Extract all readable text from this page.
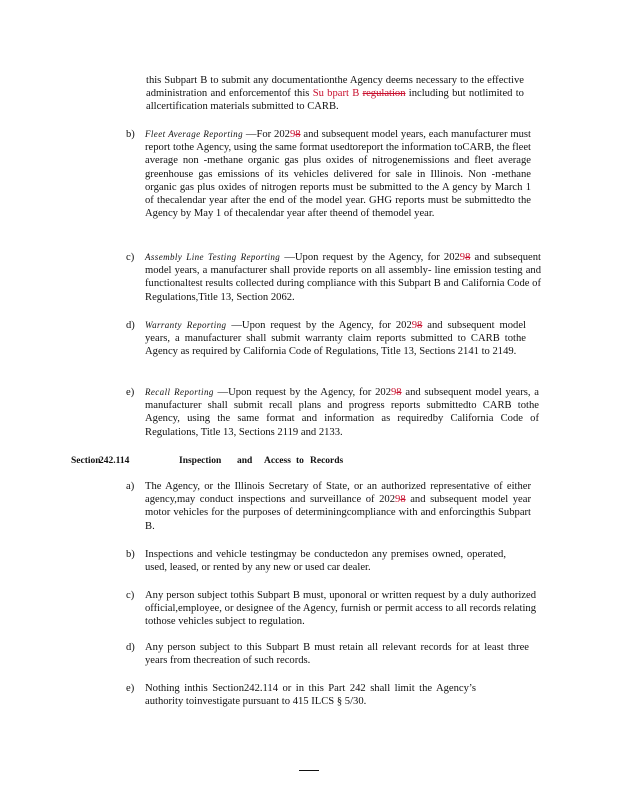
this Subpart B to submit any documentationthe Agency deems necessary to the effective administration and enforcementof this Su bpart B regulation including but notlimited to allcertification materials submitted to CARB.
b)	Fleet Average Reporting —For 20298 and subsequent model years, each manufacturer must report tothe Agency, using the same format usedtoreport the information toCARB, the fleet average non -methane organic gas plus oxides of nitrogenemissions and fleet average greenhouse gas emissions of its vehicles delivered for sale in Illinois. Non -methane organic gas plus oxides of nitrogen reports must be submitted to the A gency by March 1 of thecalendar year after the end of the model year. GHG reports must be submittedto the Agency by May 1 of thecalendar year after theend of themodel year.
c)	Assembly Line Testing Reporting —Upon request by the Agency, for 20298 and subsequent model years, a manufacturer shall provide reports on all assembly- line emission testing and functionaltest results collected during compliance with this Subpart B and California Code of Regulations,Title 13, Section 2062.
d)	Warranty Reporting —Upon request by the Agency, for 20298 and subsequent model years, a manufacturer shall submit warranty claim reports submitted to CARB tothe Agency as required by California Code of Regulations, Title 13, Sections 2141 to 2149.
e)	Recall Reporting —Upon request by the Agency, for 20298 and subsequent model years, a manufacturer shall submit recall plans and progress reports submittedto CARB tothe Agency, using the same format and information as requiredby California Code of Regulations, Title 13, Sections 2119 and 2133.
Section
242.114	Inspection and Access to Records
a)	The Agency, or the Illinois Secretary of State, or an authorized representative of either agency,may conduct inspections and surveillance of 20298 and subsequent model year motor vehicles for the purposes of determiningcompliance with and enforcingthis Subpart B.
b) Inspections and vehicle testingmay be conductedon any premises owned, operated, used, leased, or rented by any new or used car dealer.
c)	Any person subject tothis Subpart B must, uponoral or written request by a duly authorized official,employee, or designee of the Agency, furnish or permit access to all records relating tothose vehicles subject to regulation.
d) Any person subject to this Subpart B must retain all relevant records for at least three years from thecreation of such records.
e)	Nothing inthis Section242.114 or in this Part 242 shall limit the Agency’s authority toinvestigate pursuant to 415 ILCS § 5/30.
